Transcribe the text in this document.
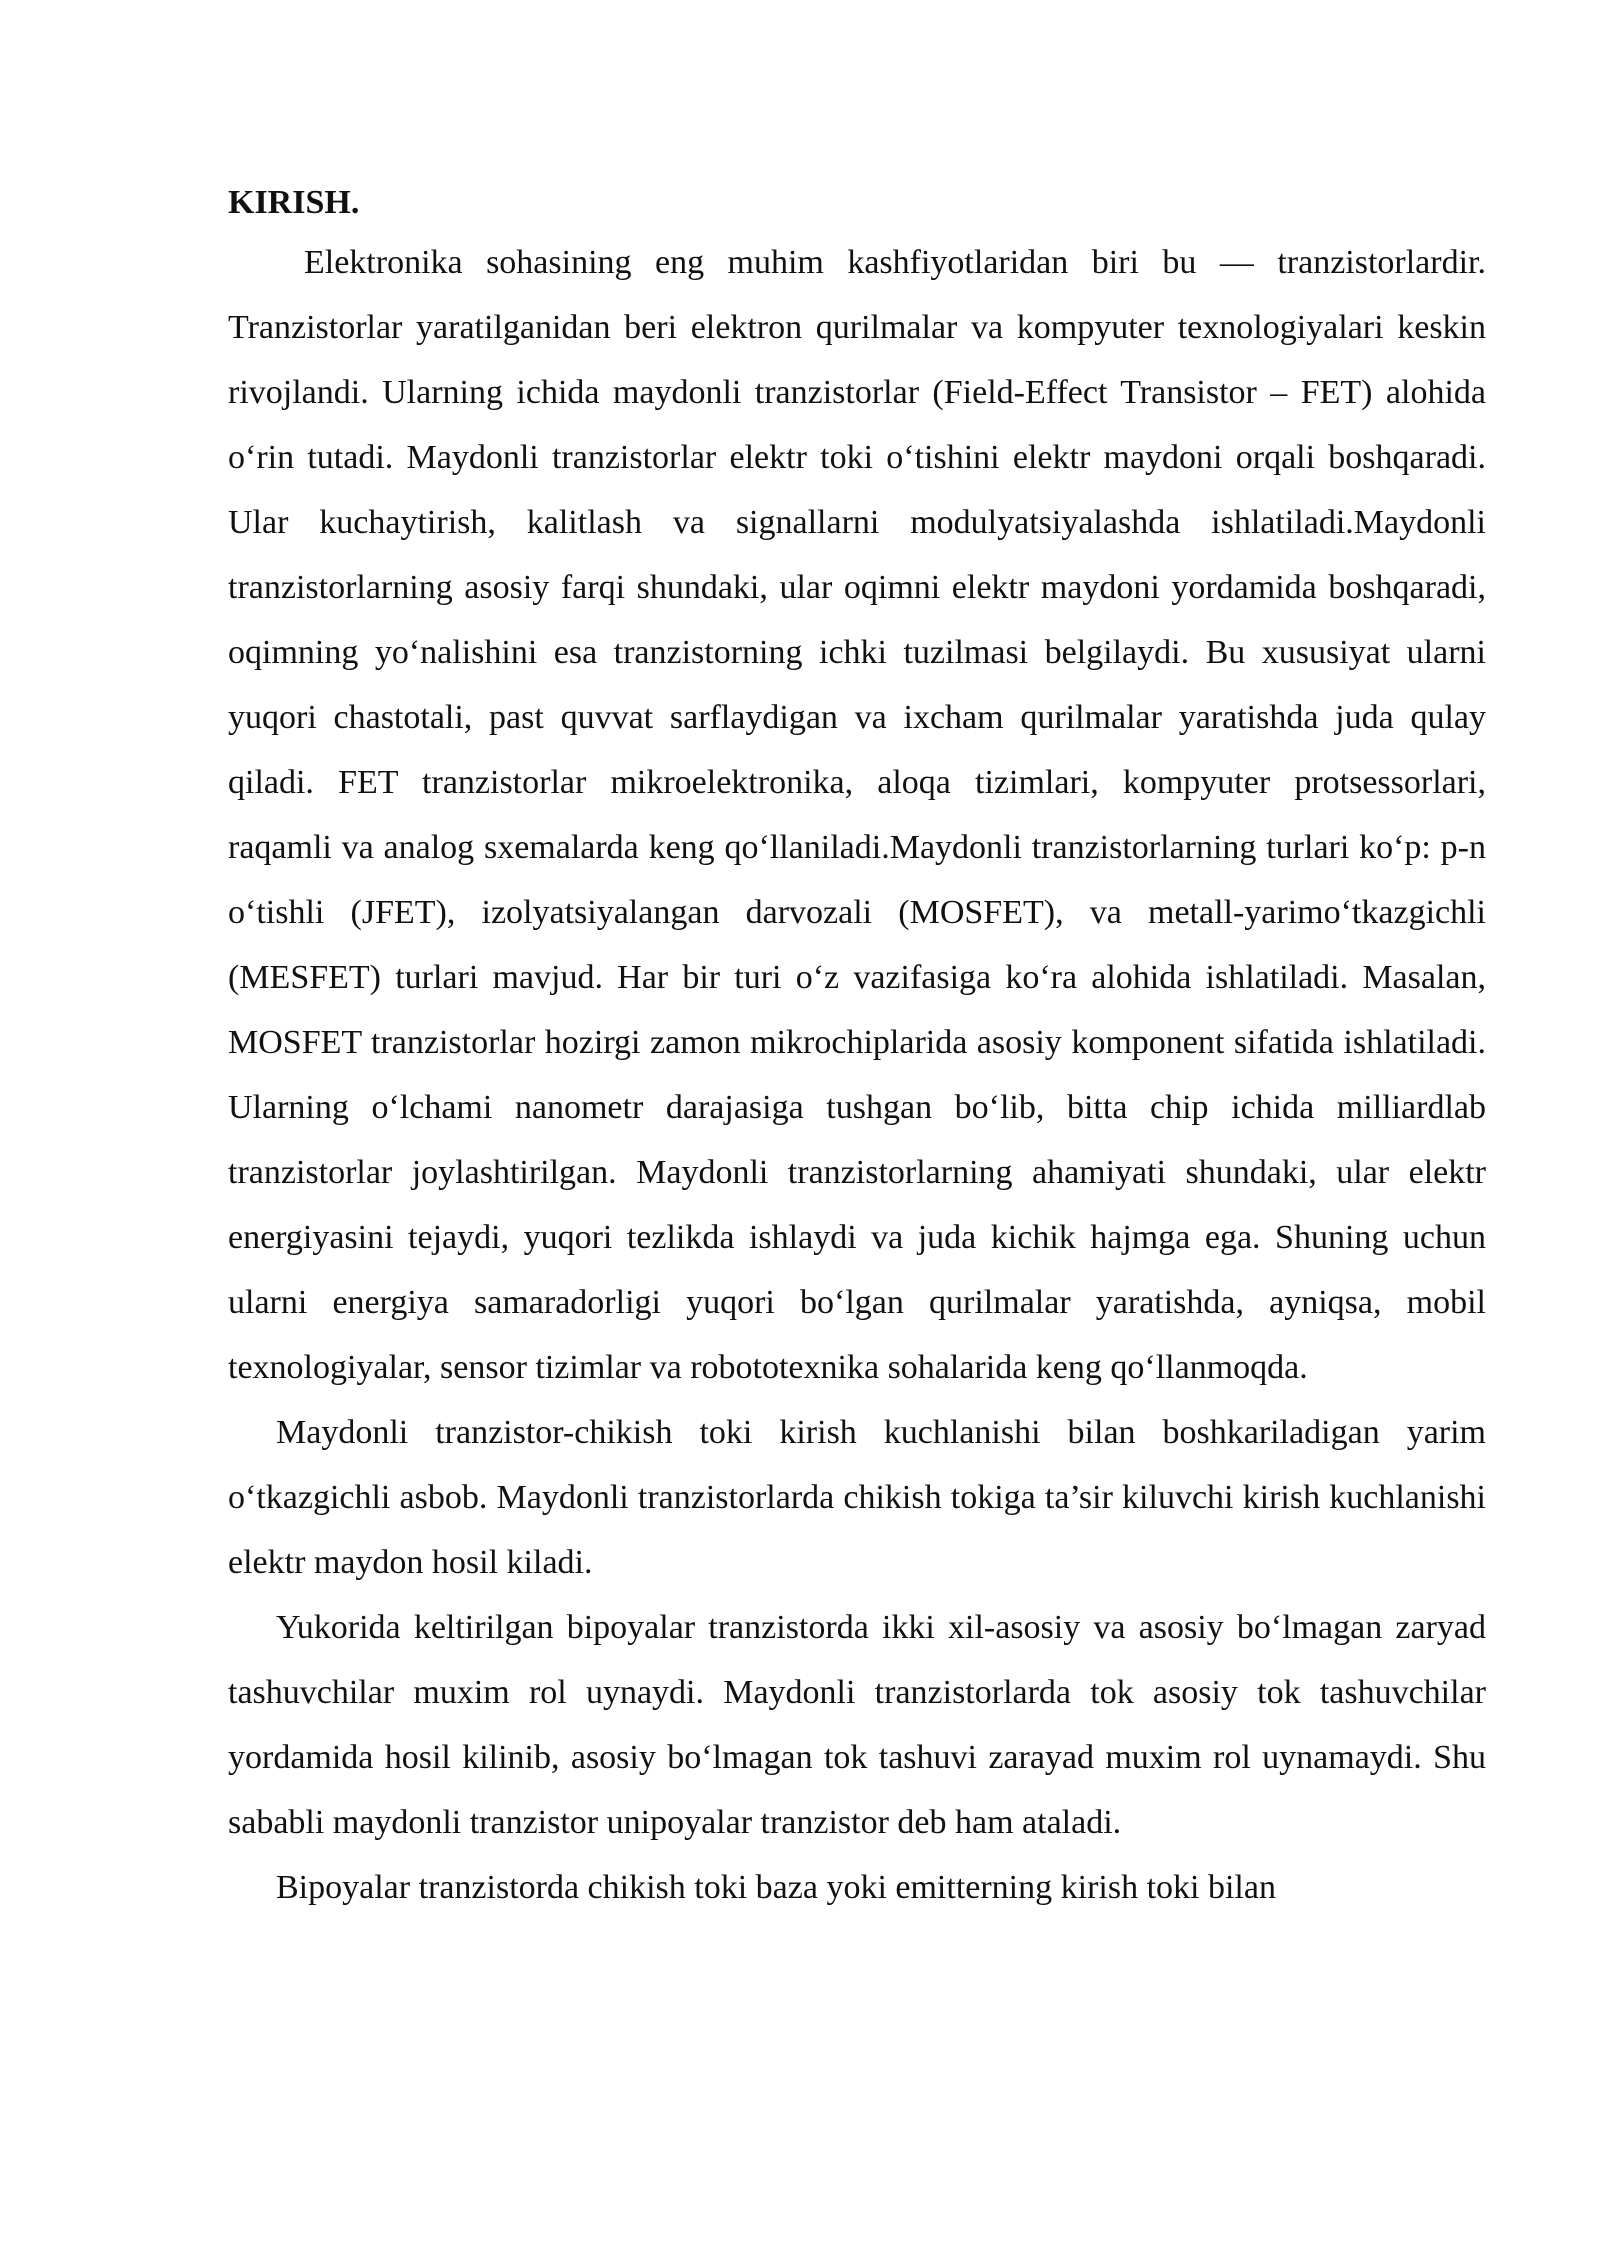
KIRISH.

Elektronika sohasining eng muhim kashfiyotlaridan biri bu — tranzistorlardir. Tranzistorlar yaratilganidan beri elektron qurilmalar va kompyuter texnologiyalari keskin rivojlandi. Ularning ichida maydonli tranzistorlar (Field-Effect Transistor – FET) alohida o‘rin tutadi. Maydonli tranzistorlar elektr toki o‘tishini elektr maydoni orqali boshqaradi. Ular kuchaytirish, kalitlash va signallarni modulyatsiyalashda ishlatiladi.Maydonli tranzistorlarning asosiy farqi shundaki, ular oqimni elektr maydoni yordamida boshqaradi, oqimning yo‘nalishini esa tranzistorning ichki tuzilmasi belgilaydi. Bu xususiyat ularni yuqori chastotali, past quvvat sarflaydigan va ixcham qurilmalar yaratishda juda qulay qiladi. FET tranzistorlar mikroelektronika, aloqa tizimlari, kompyuter protsessorlari, raqamli va analog sxemalarda keng qo‘llaniladi.Maydonli tranzistorlarning turlari ko‘p: p-n o‘tishli (JFET), izolyatsiyalangan darvozali (MOSFET), va metall-yarimo‘tkazgichli (MESFET) turlari mavjud. Har bir turi o‘z vazifasiga ko‘ra alohida ishlatiladi. Masalan, MOSFET tranzistorlar hozirgi zamon mikrochiplarida asosiy komponent sifatida ishlatiladi. Ularning o‘lchami nanometr darajasiga tushgan bo‘lib, bitta chip ichida milliardlab tranzistorlar joylashtirilgan. Maydonli tranzistorlarning ahamiyati shundaki, ular elektr energiyasini tejaydi, yuqori tezlikda ishlaydi va juda kichik hajmga ega. Shuning uchun ularni energiya samaradorligi yuqori bo‘lgan qurilmalar yaratishda, ayniqsa, mobil texnologiyalar, sensor tizimlar va robototexnika sohalarida keng qo‘llanmoqda.

Maydonli tranzistor-chikish toki kirish kuchlanishi bilan boshkariladigan yarim o‘tkazgichli asbob. Maydonli tranzistorlarda chikish tokiga ta’sir kiluvchi kirish kuchlanishi elektr maydon hosil kiladi.

Yukorida keltirilgan bipoyalar tranzistorda ikki xil-asosiy va asosiy bo‘lmagan zaryad tashuvchilar muxim rol uynaydi. Maydonli tranzistorlarda tok asosiy tok tashuvchilar yordamida hosil kilinib, asosiy bo‘lmagan tok tashuvi zarayad muxim rol uynamaydi. Shu sababli maydonli tranzistor unipoyalar tranzistor deb ham ataladi.

Bipoyalar tranzistorda chikish toki baza yoki emitterning kirish toki bilan
